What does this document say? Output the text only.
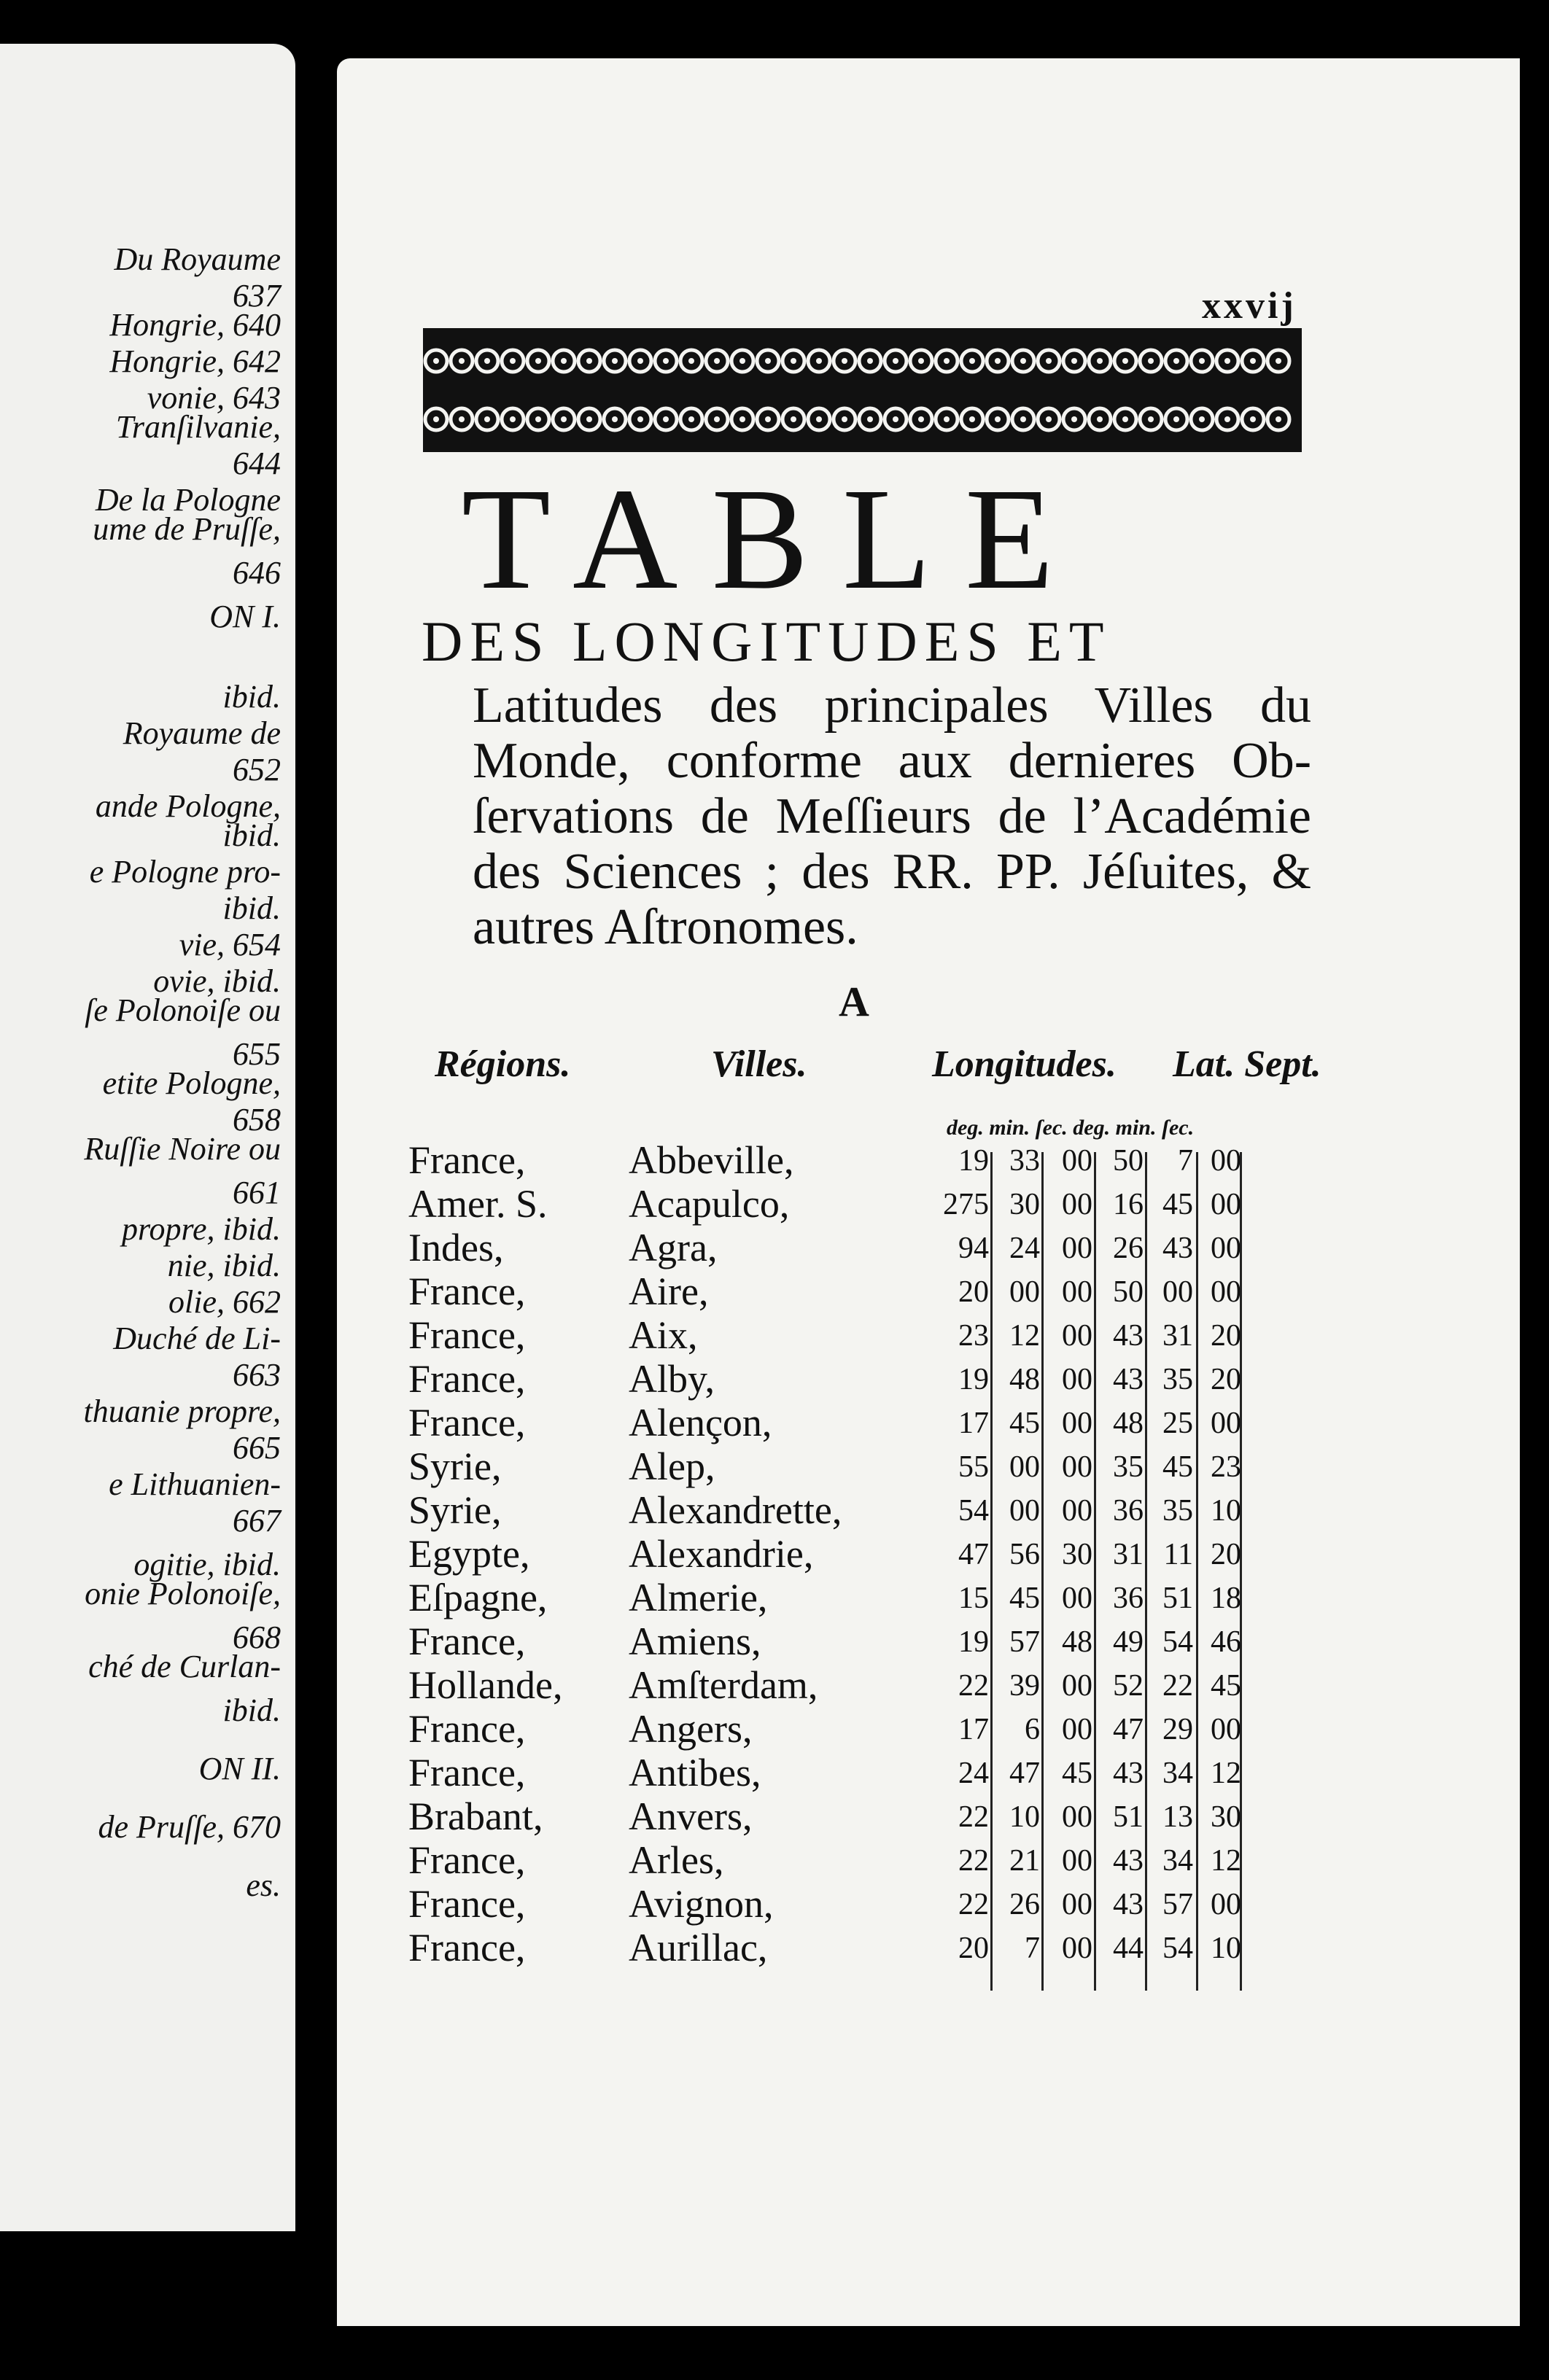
Du Royaume
637
Hongrie, 640
Hongrie, 642
vonie, 643
Tranſilvanie,
644
De la Pologne
ume de Pruſſe,
646
ON I.
ibid.
Royaume de
652
ande Pologne,
ibid.
e Pologne pro-
ibid.
vie, 654
ovie, ibid.
ſe Polonoiſe ou
655
etite Pologne,
658
Ruſſie Noire ou
661
propre, ibid.
nie, ibid.
olie, 662
Duché de Li-
663
thuanie propre,
665
e Lithuanien-
667
ogitie, ibid.
onie Polonoiſe,
668
ché de Curlan-
ibid.
ON II.
de Pruſſe, 670
es.
xxvij
TABLE
DES LONGITUDES ET
Latitudes des principales Villes du
Monde, conforme aux dernieres Ob-
ſervations de Meſſieurs de l’Académie
des Sciences ; des RR. PP. Jéſuites, &
autres Aſtronomes.
A
Régions.	Villes.	Longitudes. Lat. Sept.
deg. min. ſec. deg. min. ſec.
France,	Abbeville,	19 33 00 50	7 00
Amer. S. Acapulco,	275 30 00 16 45 00
Indes,	Agra,	94 24 00 26 43 00
France,	Aire,	20 00 00 50 00 00
France,	Aix,	23 12 00 43 31 20
France,	Alby,	19 48 00 43 35 20
France,	Alençon,	17 45 00 48 25 00
Syrie,	Alep,	55 00 00 35 45 23
Syrie,	Alexandrette,	54 00 00 36 35 10
Egypte,	Alexandrie,	47 56 30 31 11 20
Eſpagne, Almerie,	15 45 00 36 51 18
France,	Amiens,	19 57 48 49 54 46
Hollande, Amſterdam,	22 39 00 52 22 45
France,	Angers,	17	6 00 47 29 00
France,	Antibes,	24 47 45 43 34 12
Brabant, Anvers,	22 10 00 51 13 30
France,	Arles,	22 21 00 43 34 12
France,	Avignon,	22 26 00 43 57 00
France,	Aurillac,	20	7 00 44 54 10
